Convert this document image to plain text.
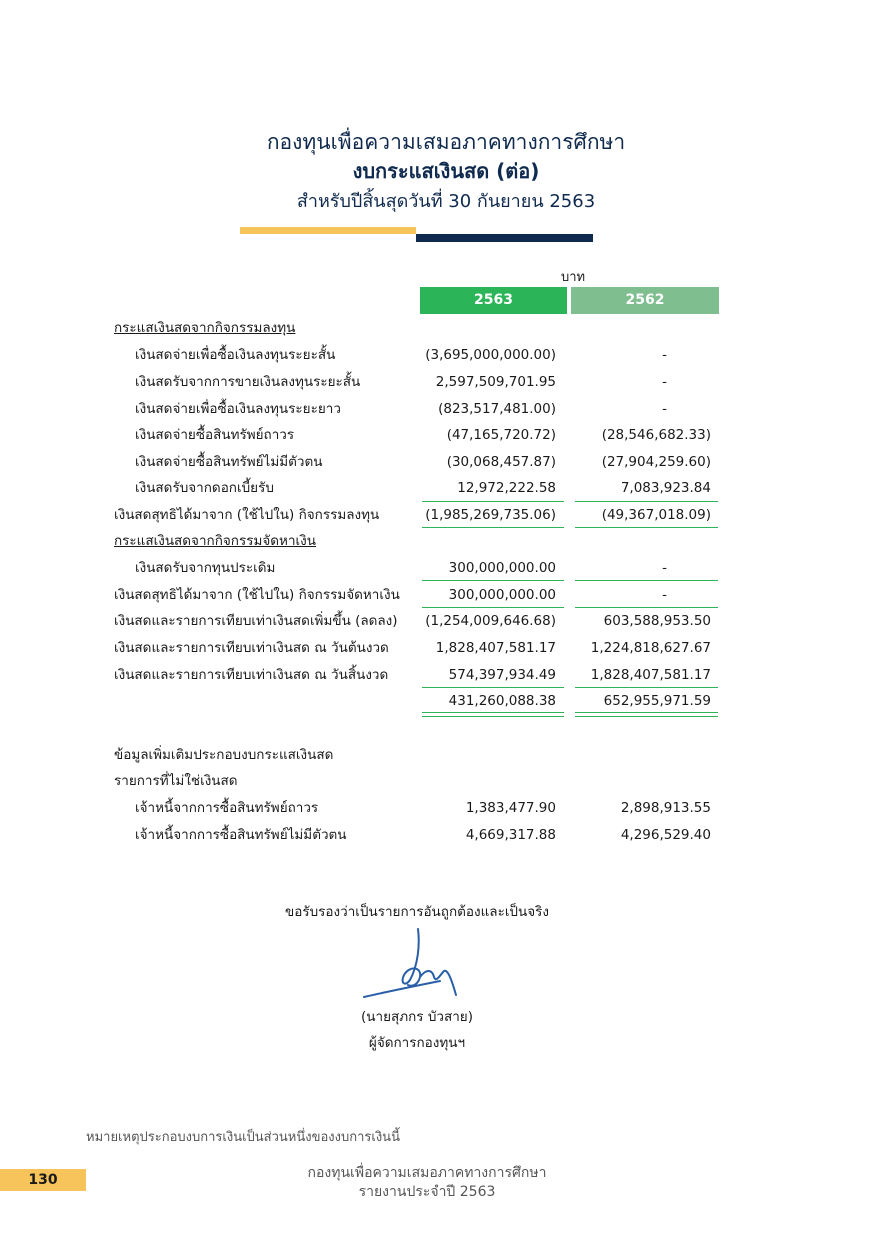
กองทุนเพื่อความเสมอภาคทางการศึกษา
งบกระแสเงินสด (ต่อ)
สำหรับปีสิ้นสุดวันที่ 30 กันยายน 2563
บาท
2563	2562
กระแสเงินสดจากกิจกรรมลงทุน
เงินสดจ่ายเพื่อซื้อเงินลงทุนระยะสั้น	(3,695,000,000.00)	-
เงินสดรับจากการขายเงินลงทุนระยะสั้น	2,597,509,701.95	-
เงินสดจ่ายเพื่อซื้อเงินลงทุนระยะยาว	(823,517,481.00)	-
เงินสดจ่ายซื้อสินทรัพย์ถาวร	(47,165,720.72)	(28,546,682.33)
เงินสดจ่ายซื้อสินทรัพย์ไม่มีตัวตน	(30,068,457.87)	(27,904,259.60)
เงินสดรับจากดอกเบี้ยรับ	12,972,222.58	7,083,923.84
เงินสดสุทธิได้มาจาก (ใช้ไปใน) กิจกรรมลงทุน	(1,985,269,735.06)	(49,367,018.09)
กระแสเงินสดจากกิจกรรมจัดหาเงิน
เงินสดรับจากทุนประเดิม	300,000,000.00	-
เงินสดสุทธิได้มาจาก (ใช้ไปใน) กิจกรรมจัดหาเงิน	300,000,000.00	-
เงินสดและรายการเทียบเท่าเงินสดเพิ่มขึ้น (ลดลง)	(1,254,009,646.68)	603,588,953.50
เงินสดและรายการเทียบเท่าเงินสด ณ วันต้นงวด	1,828,407,581.17	1,224,818,627.67
เงินสดและรายการเทียบเท่าเงินสด ณ วันสิ้นงวด	574,397,934.49	1,828,407,581.17
431,260,088.38	652,955,971.59
ข้อมูลเพิ่มเติมประกอบงบกระแสเงินสด
รายการที่ไม่ใช่เงินสด
เจ้าหนี้จากการซื้อสินทรัพย์ถาวร	1,383,477.90	2,898,913.55
เจ้าหนี้จากการซื้อสินทรัพย์ไม่มีตัวตน	4,669,317.88	4,296,529.40
ขอรับรองว่าเป็นรายการอันถูกต้องและเป็นจริง
(นายสุภกร บัวสาย)
ผู้จัดการกองทุนฯ
หมายเหตุประกอบงบการเงินเป็นส่วนหนึ่งของงบการเงินนี้
130	กองทุนเพื่อความเสมอภาคทางการศึกษา
รายงานประจำปี 2563
